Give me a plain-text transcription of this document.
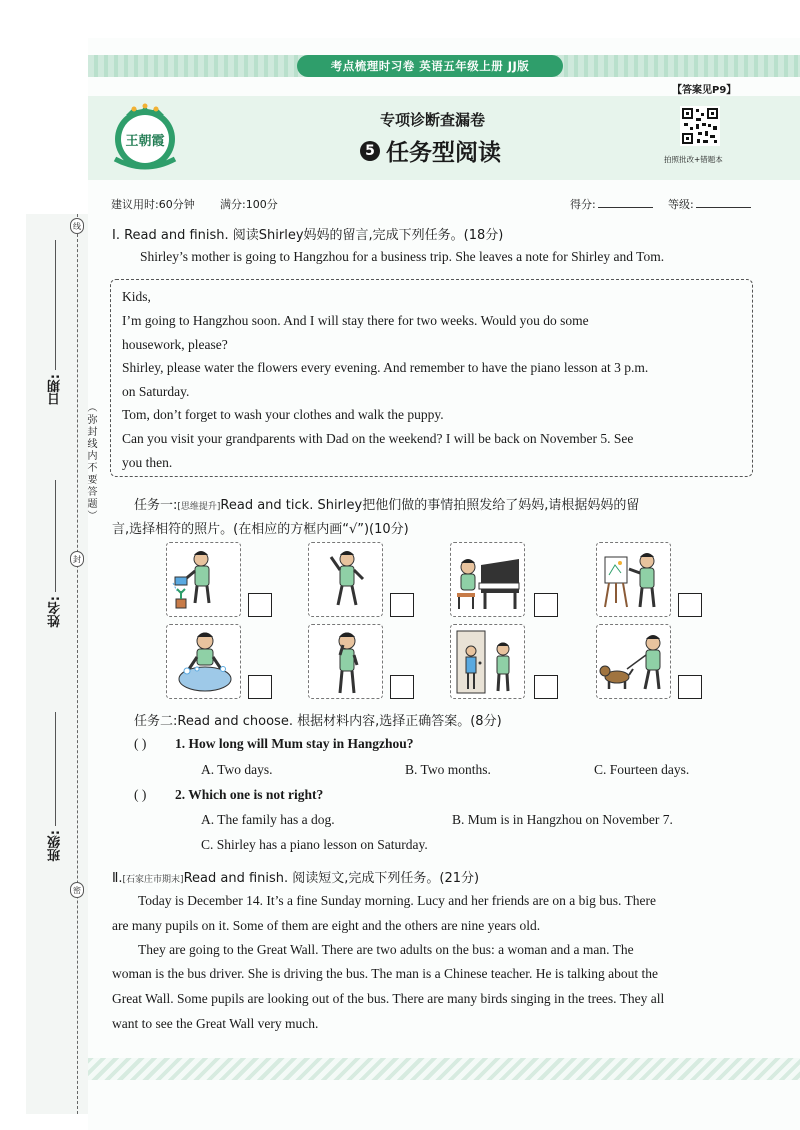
线
封
密
（弥封线内不要答题）
日期:
姓名:
班级:
考点梳理时习卷 英语五年级上册 JJ版
【答案见P9】
王朝霞
专项诊断查漏卷
5 任务型阅读	拍照批改+错题本
建议用时:60分钟 满分:100分	得分:	等级:
Ⅰ. Read and finish. 阅读Shirley妈妈的留言,完成下列任务。(18分)
Shirley’s mother is going to Hangzhou for a business trip. She leaves a note for Shirley and Tom.
Kids,
I’m going to Hangzhou soon. And I will stay there for two weeks. Would you do some
housework, please?
Shirley, please water the flowers every evening. And remember to have the piano lesson at 3 p.m.
on Saturday.
Tom, don’t forget to wash your clothes and walk the puppy.
Can you visit your grandparents with Dad on the weekend? I will be back on November 5. See
you then.
任务一:[思维提升]Read and tick. Shirley把他们做的事情拍照发给了妈妈,请根据妈妈的留
言,选择相符的照片。(在相应的方框内画“√”)(10分)
任务二:Read and choose. 根据材料内容,选择正确答案。(8分)
( ) 1. How long will Mum stay in Hangzhou?
A. Two days.	B. Two months.	C. Fourteen days.
( ) 2. Which one is not right?
A. The family has a dog.	B. Mum is in Hangzhou on November 7.
C. Shirley has a piano lesson on Saturday.
Ⅱ.[石家庄市期末]Read and finish. 阅读短文,完成下列任务。(21分)
Today is December 14. It’s a fine Sunday morning. Lucy and her friends are on a big bus. There
are many pupils on it. Some of them are eight and the others are nine years old.
They are going to the Great Wall. There are two adults on the bus: a woman and a man. The
woman is the bus driver. She is driving the bus. The man is a Chinese teacher. He is talking about the
Great Wall. Some pupils are looking out of the bus. There are many birds singing in the trees. They all
want to see the Great Wall very much.
